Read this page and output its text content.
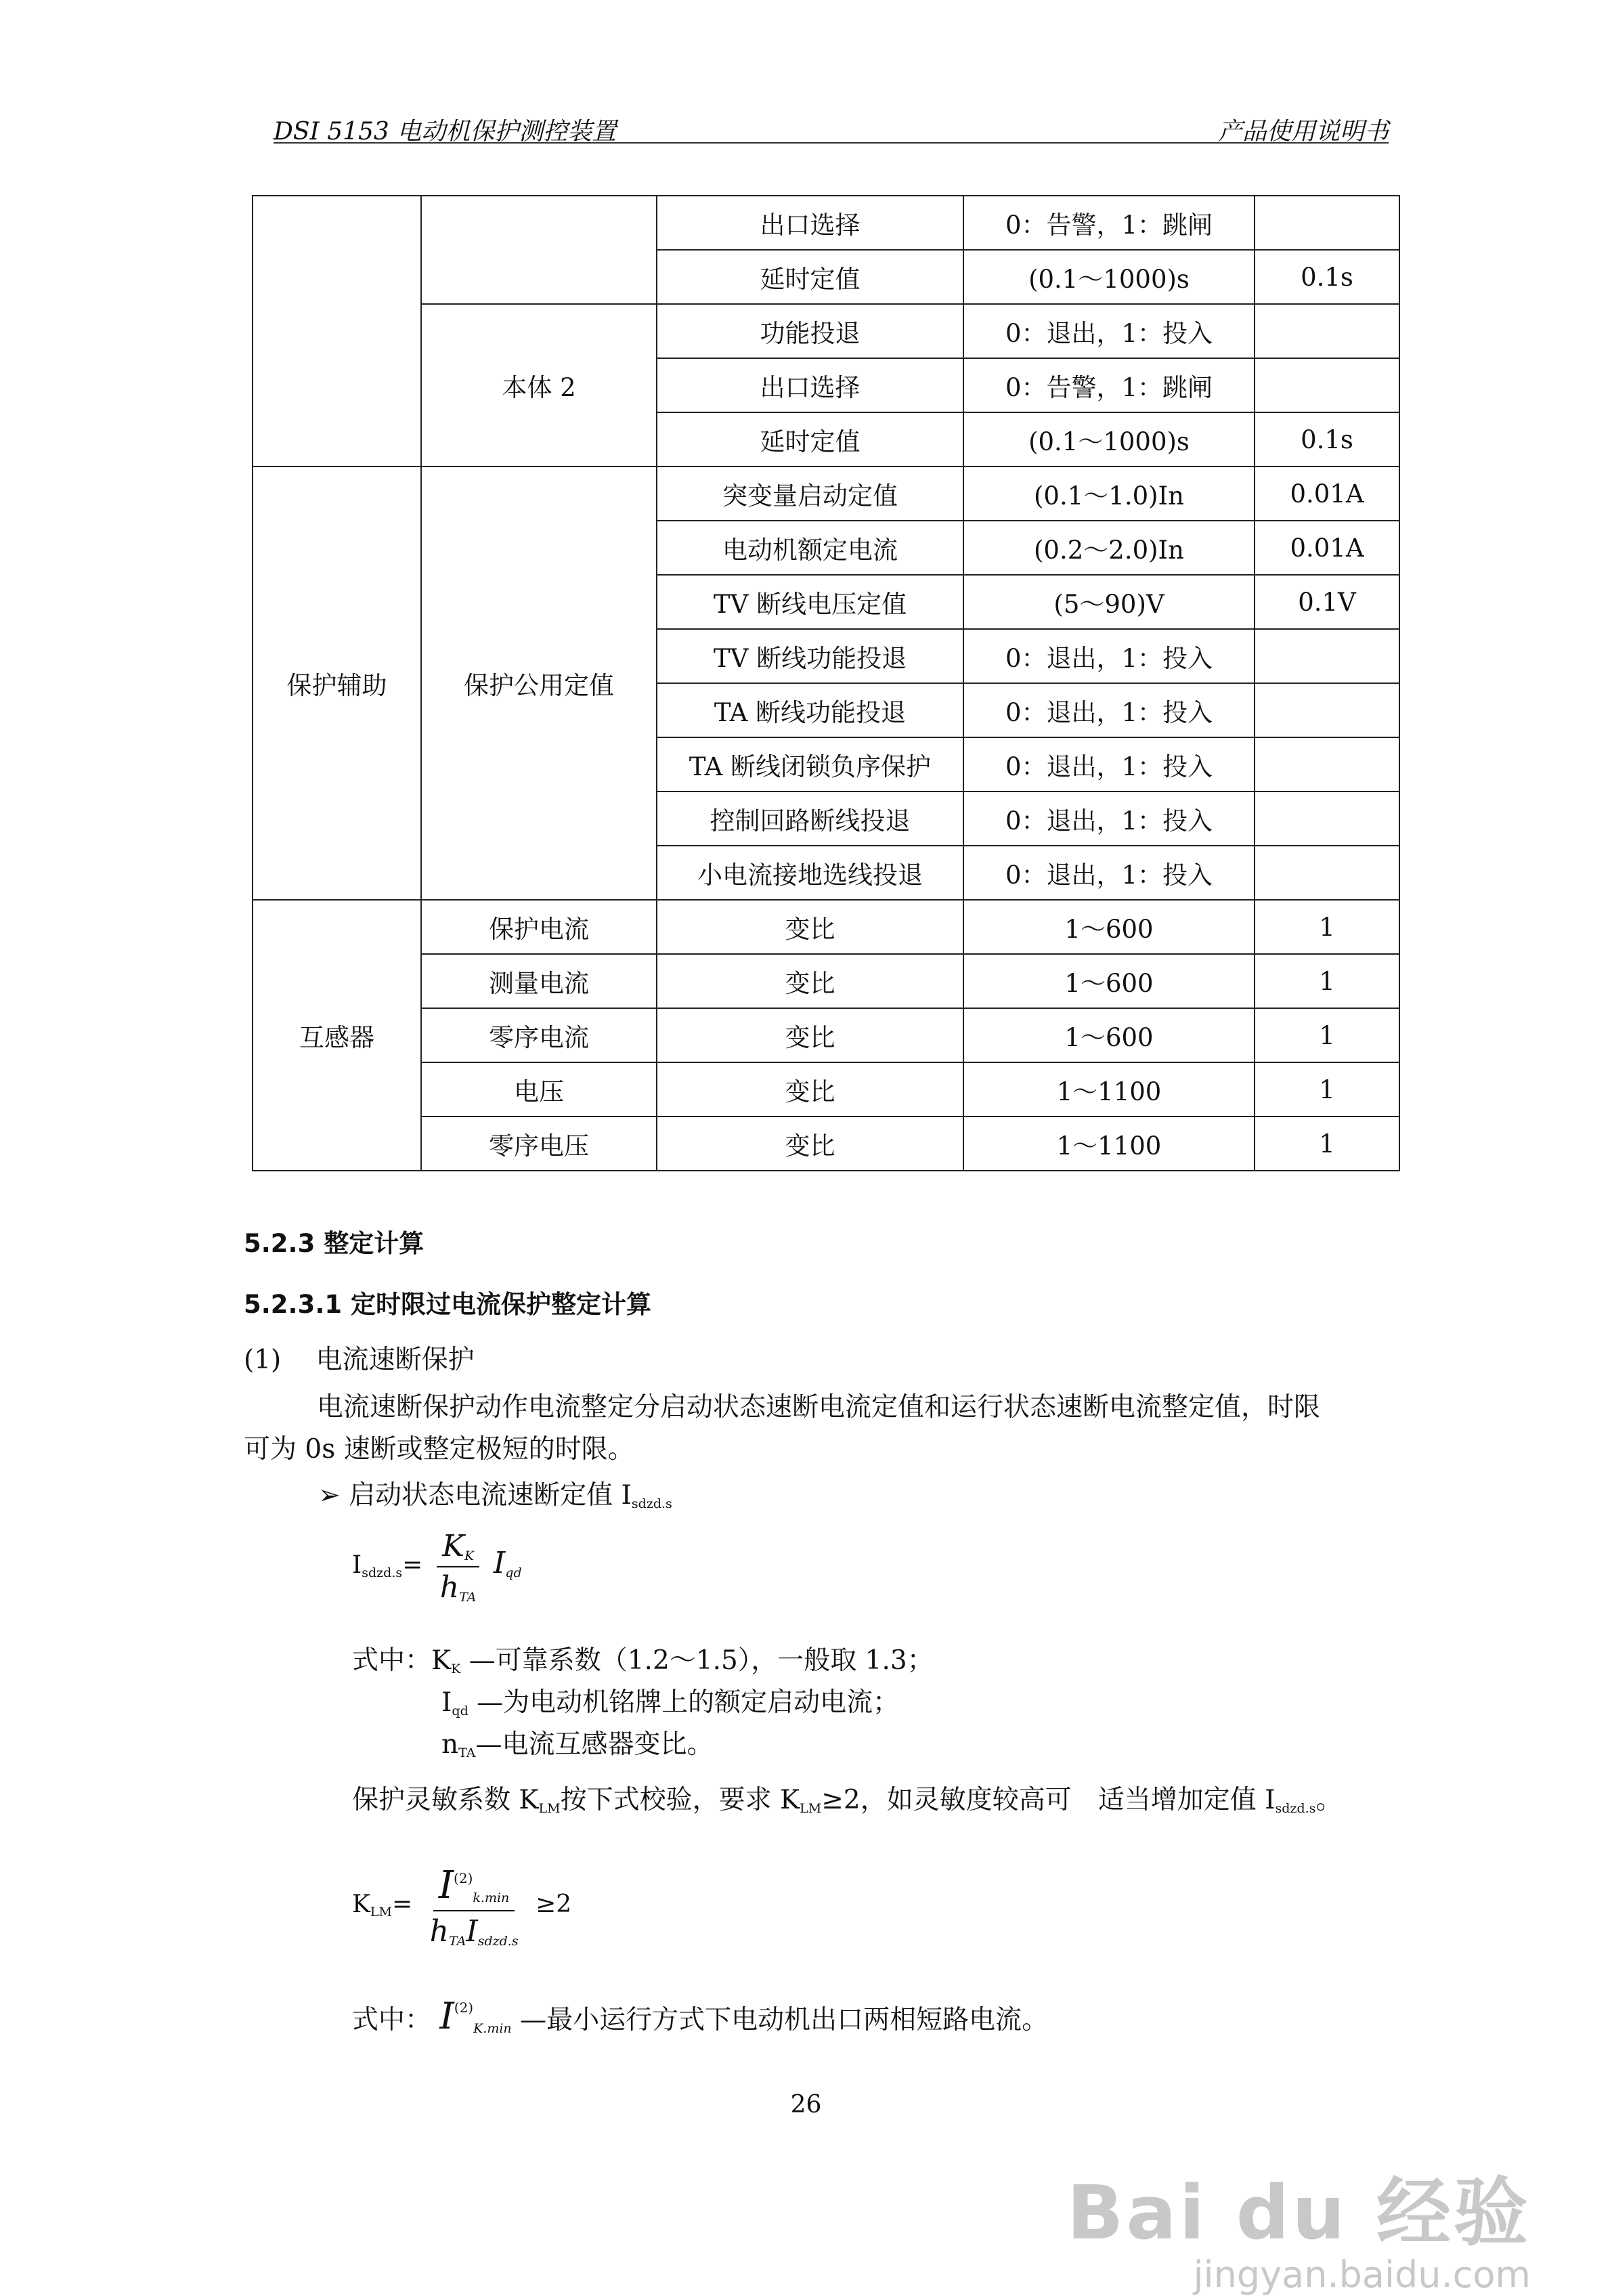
DSI 5153 电动机保护测控装置	产品使用说明书
		出口选择	0：告警，1：跳闸	
		延时定值	(0.1～1000)s	0.1s
	本体 2	功能投退	0：退出，1：投入	
		出口选择	0：告警，1：跳闸	
		延时定值	(0.1～1000)s	0.1s
保护辅助	保护公用定值	突变量启动定值	(0.1～1.0)In	0.01A
		电动机额定电流	(0.2～2.0)In	0.01A
		TV 断线电压定值	(5～90)V	0.1V
		TV 断线功能投退	0：退出，1：投入	
		TA 断线功能投退	0：退出，1：投入	
		TA 断线闭锁负序保护	0：退出，1：投入	
		控制回路断线投退	0：退出，1：投入	
		小电流接地选线投退	0：退出，1：投入	
互感器	保护电流	变比	1～600	1
	测量电流	变比	1～600	1
	零序电流	变比	1～600	1
	电压	变比	1～1100	1
	零序电压	变比	1～1100	1
5.2.3 整定计算
5.2.3.1 定时限过电流保护整定计算
(1)　 电流速断保护
电流速断保护动作电流整定分启动状态速断电流定值和运行状态速断电流整定值，时限
可为 0s 速断或整定极短的时限。
➢ 启动状态电流速断定值 $I_{sdzd.s}$
$I_{sdzd.s}= \frac{K_K}{h_{TA}} I_{qd}$
式中：$K_K$ —可靠系数（1.2～1.5），一般取 1.3；
$I_{qd}$ —为电动机铭牌上的额定启动电流；
$n_{TA}—$电流互感器变比。
保护灵敏系数 $K_{LM}$按下式校验，要求 $K_{LM}\ge 2$，如灵敏度较高可　适当增加定值 $I_{sdzd.s}$。
$K_{LM}= \frac{I^{(2)}_{k.min}}{h_{TA}I_{sdzd.s}} \ge 2$
式中： $I^{(2)}_{K.min}$ —最小运行方式下电动机出口两相短路电流。
26
Bai du 经验
jingyan.baidu.com
